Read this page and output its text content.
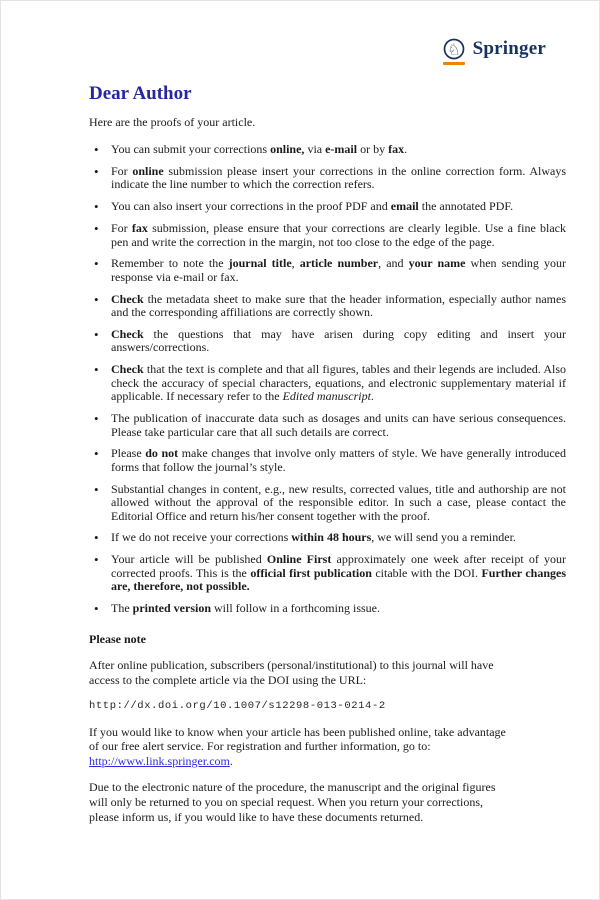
♘ Springer
Dear Author

Here are the proofs of your article.

• You can submit your corrections online, via e-mail or by fax.
• For online submission please insert your corrections in the online correction form. Always indicate the line number to which the correction refers.
• You can also insert your corrections in the proof PDF and email the annotated PDF.
• For fax submission, please ensure that your corrections are clearly legible. Use a fine black pen and write the correction in the margin, not too close to the edge of the page.
• Remember to note the journal title, article number, and your name when sending your response via e-mail or fax.
• Check the metadata sheet to make sure that the header information, especially author names and the corresponding affiliations are correctly shown.
• Check the questions that may have arisen during copy editing and insert your answers/corrections.
• Check that the text is complete and that all figures, tables and their legends are included. Also check the accuracy of special characters, equations, and electronic supplementary material if applicable. If necessary refer to the Edited manuscript.
• The publication of inaccurate data such as dosages and units can have serious consequences. Please take particular care that all such details are correct.
• Please do not make changes that involve only matters of style. We have generally introduced forms that follow the journal’s style.
• Substantial changes in content, e.g., new results, corrected values, title and authorship are not allowed without the approval of the responsible editor. In such a case, please contact the Editorial Office and return his/her consent together with the proof.
• If we do not receive your corrections within 48 hours, we will send you a reminder.
• Your article will be published Online First approximately one week after receipt of your corrected proofs. This is the official first publication citable with the DOI. Further changes are, therefore, not possible.
• The printed version will follow in a forthcoming issue.

Please note

After online publication, subscribers (personal/institutional) to this journal will have
access to the complete article via the DOI using the URL:

http://dx.doi.org/10.1007/s12298-013-0214-2

If you would like to know when your article has been published online, take advantage
of our free alert service. For registration and further information, go to:
http://www.link.springer.com.

Due to the electronic nature of the procedure, the manuscript and the original figures
will only be returned to you on special request. When you return your corrections,
please inform us, if you would like to have these documents returned.
